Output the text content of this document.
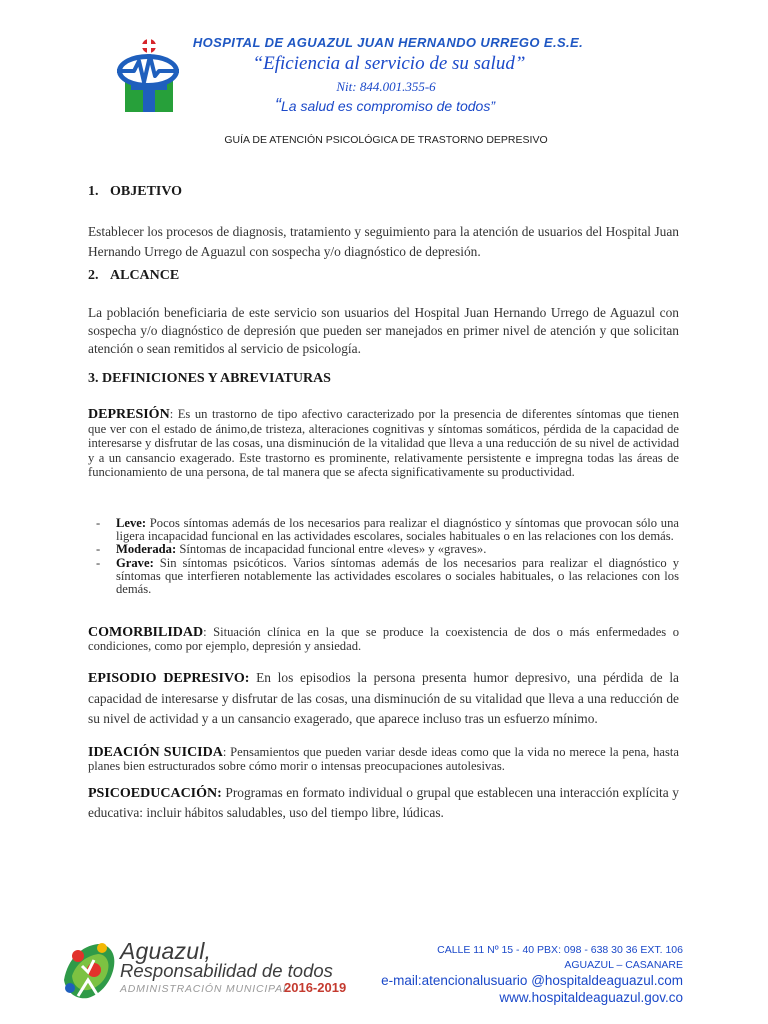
HOSPITAL DE AGUAZUL JUAN HERNANDO URREGO E.S.E.
“Eficiencia al servicio de su salud”
Nit: 844.001.355-6
“La salud es compromiso de todos”
GUÍA DE ATENCIÓN PSICOLÓGICA DE TRASTORNO DEPRESIVO
1. OBJETIVO
Establecer los procesos de diagnosis, tratamiento y seguimiento para la atención de usuarios del Hospital Juan Hernando Urrego de Aguazul con sospecha y/o diagnóstico de depresión.
2. ALCANCE
La población beneficiaria de este servicio son usuarios del Hospital Juan Hernando Urrego de Aguazul con sospecha y/o diagnóstico de depresión que pueden ser manejados en primer nivel de atención y que solicitan atención o sean remitidos al servicio de psicología.
3. DEFINICIONES Y ABREVIATURAS
DEPRESIÓN: Es un trastorno de tipo afectivo caracterizado por la presencia de diferentes síntomas que tienen que ver con el estado de ánimo,de tristeza, alteraciones cognitivas y síntomas somáticos, pérdida de la capacidad de interesarse y disfrutar de las cosas, una disminución de la vitalidad que lleva a una reducción de su nivel de actividad y a un cansancio exagerado. Este trastorno es prominente, relativamente persistente e impregna todas las áreas de funcionamiento de una persona, de tal manera que se afecta significativamente su productividad.
- Leve: Pocos síntomas además de los necesarios para realizar el diagnóstico y síntomas que provocan sólo una ligera incapacidad funcional en las actividades escolares, sociales habituales o en las relaciones con los demás.
- Moderada: Síntomas de incapacidad funcional entre «leves» y «graves».
- Grave: Sin síntomas psicóticos. Varios síntomas además de los necesarios para realizar el diagnóstico y síntomas que interfieren notablemente las actividades escolares o sociales habituales, o las relaciones con los demás.
COMORBILIDAD: Situación clínica en la que se produce la coexistencia de dos o más enfermedades o condiciones, como por ejemplo, depresión y ansiedad.
EPISODIO DEPRESIVO: En los episodios la persona presenta humor depresivo, una pérdida de la capacidad de interesarse y disfrutar de las cosas, una disminución de su vitalidad que lleva a una reducción de su nivel de actividad y a un cansancio exagerado, que aparece incluso tras un esfuerzo mínimo.
IDEACIÓN SUICIDA: Pensamientos que pueden variar desde ideas como que la vida no merece la pena, hasta planes bien estructurados sobre cómo morir o intensas preocupaciones autolesivas.
PSICOEDUCACIÓN: Programas en formato individual o grupal que establecen una interacción explícita y educativa: incluir hábitos saludables, uso del tiempo libre, lúdicas.
Aguazul,
Responsabilidad de todos
ADMINISTRACIÓN MUNICIPAL
2016-2019
CALLE 11 Nº 15 - 40 PBX: 098 - 638 30 36 EXT. 106
AGUAZUL – CASANARE
e-mail:atencionalusuario @hospitaldeaguazul.com
www.hospitaldeaguazul.gov.co
